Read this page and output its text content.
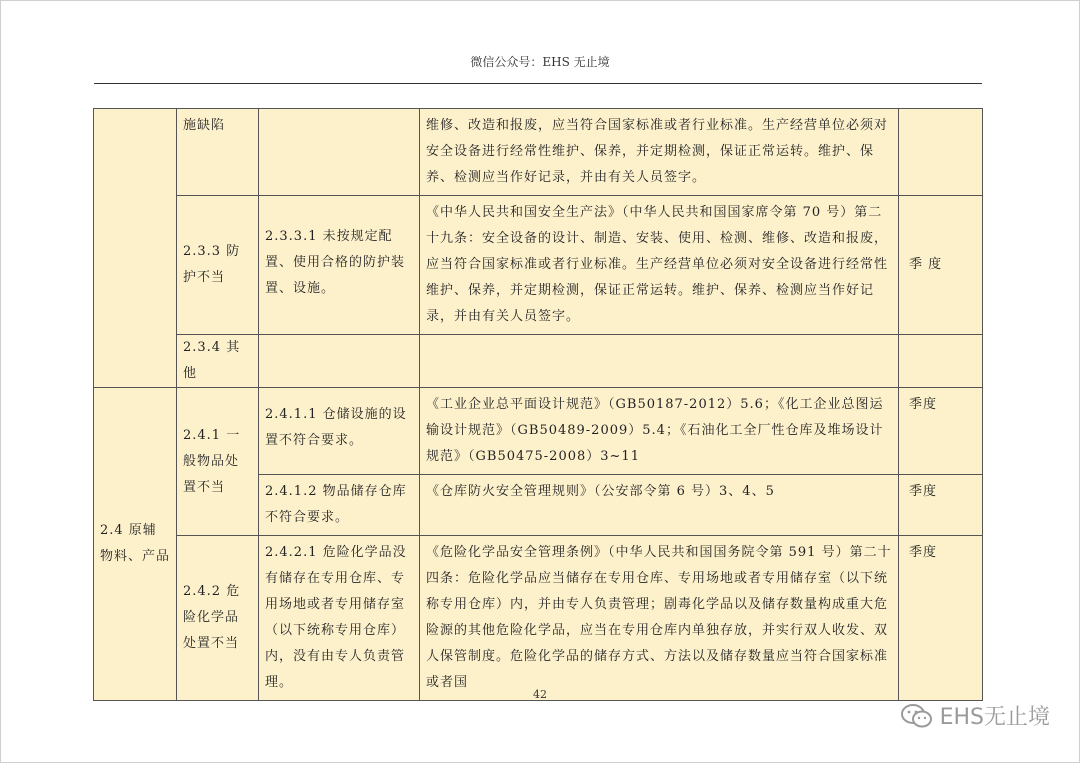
微信公众号：EHS 无止境
	施缺陷		维修、改造和报废，应当符合国家标准或者行业标准。生产经营单位必须对安全设备进行经常性维护、保养，并定期检测，保证正常运转。维护、保养、检测应当作好记录，并由有关人员签字。	
	2.3.3 防护不当	2.3.3.1 未按规定配置、使用合格的防护装置、设施。	《中华人民共和国安全生产法》（中华人民共和国国家席令第 70 号）第二十九条：安全设备的设计、制造、安装、使用、检测、维修、改造和报废，应当符合国家标准或者行业标准。生产经营单位必须对安全设备进行经常性维护、保养，并定期检测，保证正常运转。维护、保养、检测应当作好记录，并由有关人员签字。	季 度
	2.3.4 其他			
2.4 原辅物料、产品	2.4.1 一般物品处置不当	2.4.1.1 仓储设施的设置不符合要求。	《工业企业总平面设计规范》（GB50187-2012）5.6；《化工企业总图运输设计规范》（GB50489-2009）5.4；《石油化工全厂性仓库及堆场设计规范》（GB50475-2008）3~11	季度
		2.4.1.2 物品储存仓库不符合要求。	《仓库防火安全管理规则》（公安部令第 6 号）3、4、5	季度
	2.4.2 危险化学品处置不当	2.4.2.1 危险化学品没有储存在专用仓库、专用场地或者专用储存室（以下统称专用仓库）内，没有由专人负责管理。	《危险化学品安全管理条例》（中华人民共和国国务院令第 591 号）第二十四条：危险化学品应当储存在专用仓库、专用场地或者专用储存室（以下统称专用仓库）内，并由专人负责管理；剧毒化学品以及储存数量构成重大危险源的其他危险化学品，应当在专用仓库内单独存放，并实行双人收发、双人保管制度。危险化学品的储存方式、方法以及储存数量应当符合国家标准或者国	季度
42
EHS无止境
